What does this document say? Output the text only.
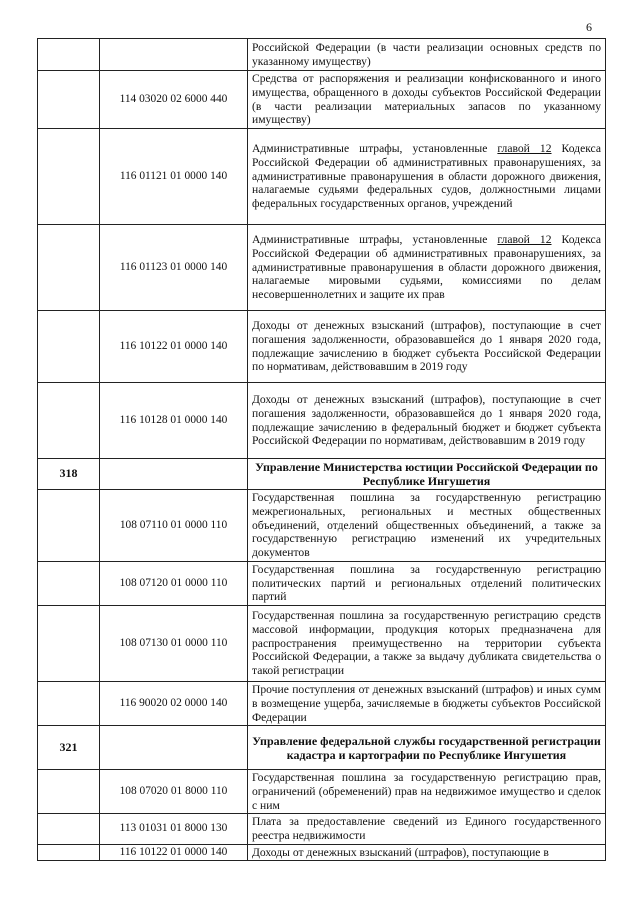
6
		Российской Федерации (в части реализации основных средств по указанному имуществу)
	114 03020 02 6000 440	Средства от распоряжения и реализации конфискованного и иного имущества, обращенного в доходы субъектов Российской Федерации (в части реализации материальных запасов по указанному имуществу)
	116 01121 01 0000 140	Административные штрафы, установленные главой 12 Кодекса Российской Федерации об административных правонарушениях, за административные правонарушения в области дорожного движения, налагаемые судьями федеральных судов, должностными лицами федеральных государственных органов, учреждений
	116 01123 01 0000 140	Административные штрафы, установленные главой 12 Кодекса Российской Федерации об административных правонарушениях, за административные правонарушения в области дорожного движения, налагаемые мировыми судьями, комиссиями по делам несовершеннолетних и защите их прав
	116 10122 01 0000 140	Доходы от денежных взысканий (штрафов), поступающие в счет погашения задолженности, образовавшейся до 1 января 2020 года, подлежащие зачислению в бюджет субъекта Российской Федерации по нормативам, действовавшим в 2019 году
	116 10128 01 0000 140	Доходы от денежных взысканий (штрафов), поступающие в счет погашения задолженности, образовавшейся до 1 января 2020 года, подлежащие зачислению в федеральный бюджет и бюджет субъекта Российской Федерации по нормативам, действовавшим в 2019 году
318		Управление Министерства юстиции Российской Федерации по Республике Ингушетия
	108 07110 01 0000 110	Государственная пошлина за государственную регистрацию межрегиональных, региональных и местных общественных объединений, отделений общественных объединений, а также за государственную регистрацию изменений их учредительных документов
	108 07120 01 0000 110	Государственная пошлина за государственную регистрацию политических партий и региональных отделений политических партий
	108 07130 01 0000 110	Государственная пошлина за государственную регистрацию средств массовой информации, продукция которых предназначена для распространения преимущественно на территории субъекта Российской Федерации, а также за выдачу дубликата свидетельства о такой регистрации
	116 90020 02 0000 140	Прочие поступления от денежных взысканий (штрафов) и иных сумм в возмещение ущерба, зачисляемые в бюджеты субъектов Российской Федерации
321		Управление федеральной службы государственной регистрации кадастра и картографии по Республике Ингушетия
	108 07020 01 8000 110	Государственная пошлина за государственную регистрацию прав, ограничений (обременений) прав на недвижимое имущество и сделок с ним
	113 01031 01 8000 130	Плата за предоставление сведений из Единого государственного реестра недвижимости
	116 10122 01 0000 140	Доходы от денежных взысканий (штрафов), поступающие в
